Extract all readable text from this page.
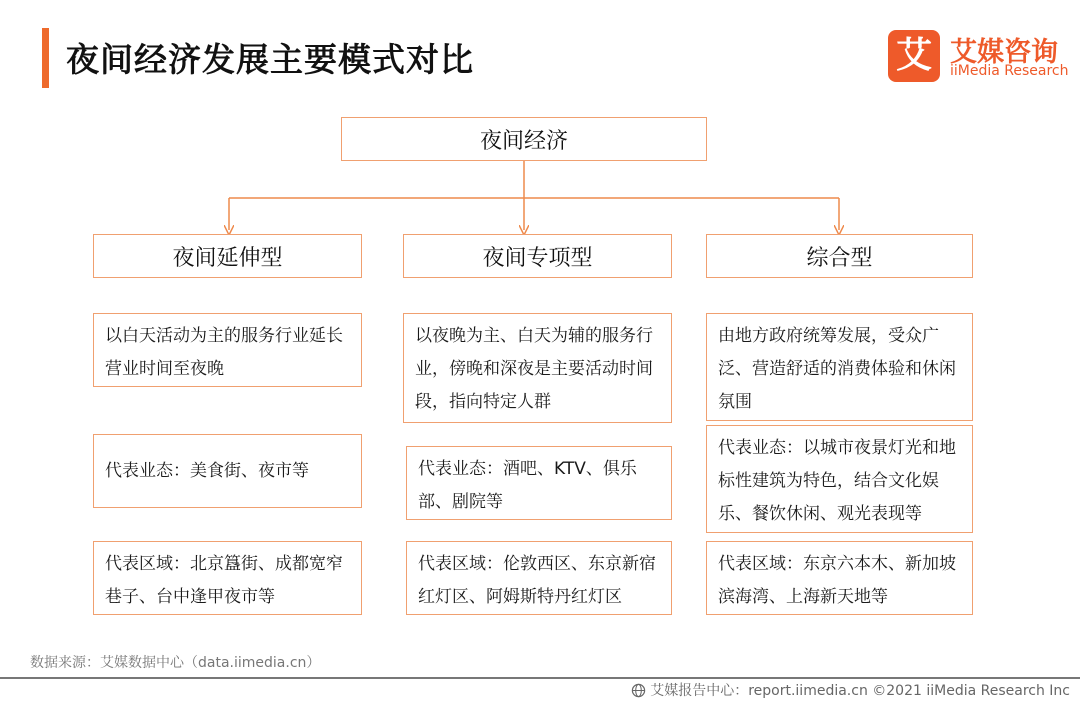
夜间经济发展主要模式对比	艾 艾媒咨询
iiMedia Research
夜间经济
夜间延伸型
以白天活动为主的服务行业延长营业时间至夜晚
代表业态：美食街、夜市等
代表区域：北京簋街、成都宽窄巷子、台中逢甲夜市等
夜间专项型
以夜晚为主、白天为辅的服务行业，傍晚和深夜是主要活动时间段，指向特定人群
代表业态：酒吧、KTV、俱乐部、剧院等
代表区域：伦敦西区、东京新宿红灯区、阿姆斯特丹红灯区
综合型
由地方政府统筹发展，受众广泛、营造舒适的消费体验和休闲氛围
代表业态：以城市夜景灯光和地标性建筑为特色，结合文化娱乐、餐饮休闲、观光表现等
代表区域：东京六本木、新加坡滨海湾、上海新天地等
数据来源：艾媒数据中心（data.iimedia.cn）
艾媒报告中心：report.iimedia.cn ©2021 iiMedia Research Inc
